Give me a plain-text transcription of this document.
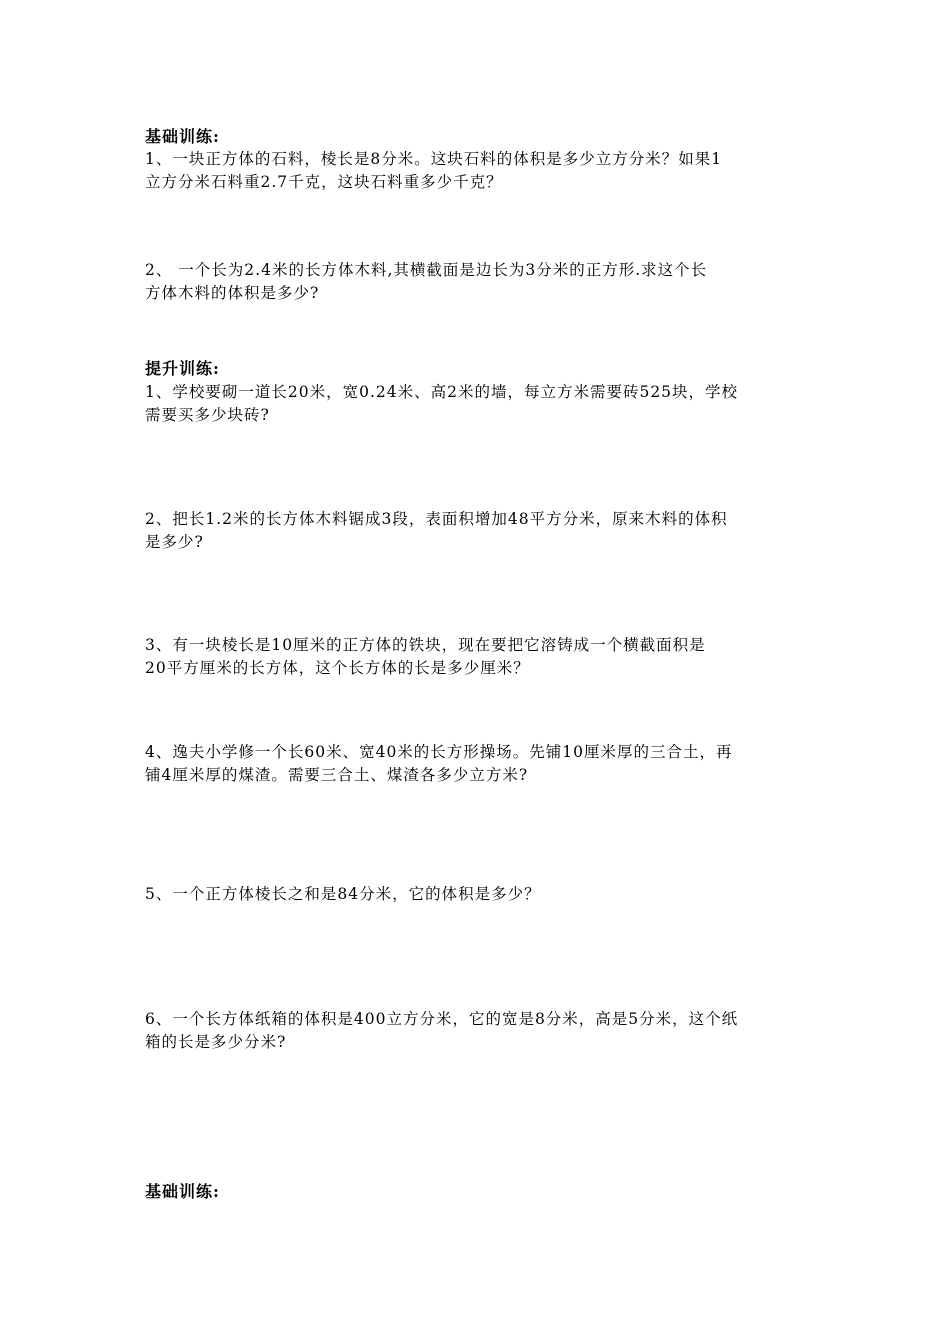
基础训练:
1、一块正方体的石料，棱长是8分米。这块石料的体积是多少立方分米？如果1
立方分米石料重2.7千克，这块石料重多少千克？
2、 一个长为2.4米的长方体木料,其横截面是边长为3分米的正方形.求这个长
方体木料的体积是多少?
提升训练:
1、学校要砌一道长20米，宽0.24米、高2米的墙，每立方米需要砖525块，学校
需要买多少块砖?
2、把长1.2米的长方体木料锯成3段，表面积增加48平方分米，原来木料的体积
是多少?
3、有一块棱长是10厘米的正方体的铁块，现在要把它溶铸成一个横截面积是
20平方厘米的长方体，这个长方体的长是多少厘米？
4、逸夫小学修一个长60米、宽40米的长方形操场。先铺10厘米厚的三合土，再
铺4厘米厚的煤渣。需要三合土、煤渣各多少立方米?
5、一个正方体棱长之和是84分米，它的体积是多少？
6、一个长方体纸箱的体积是400立方分米，它的宽是8分米，高是5分米，这个纸
箱的长是多少分米?
基础训练:
